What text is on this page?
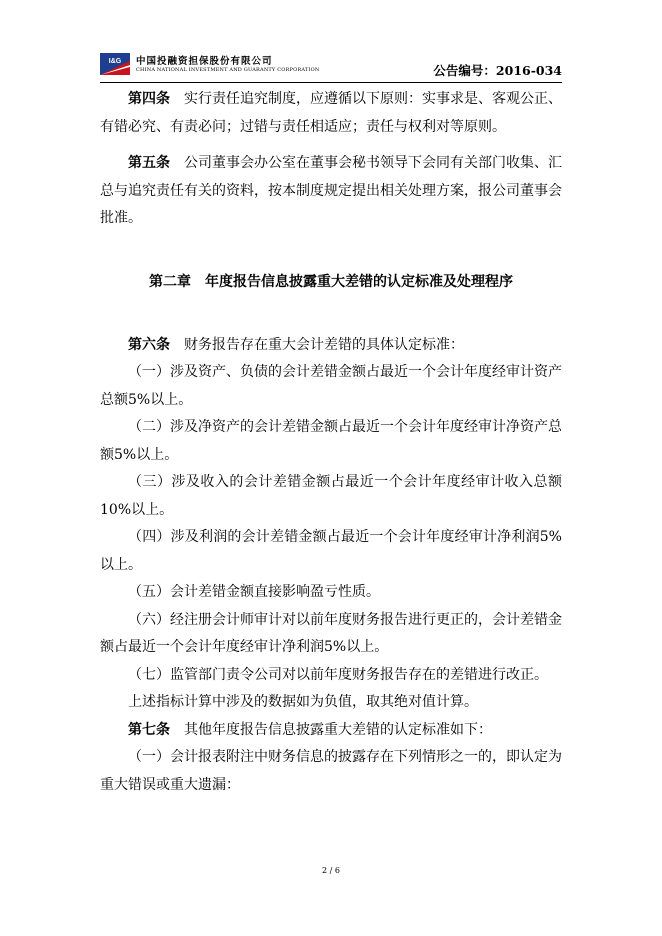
I&G 中国投融资担保股份有限公司
CHINA NATIONAL INVESTMENT AND GUARANTY CORPORATION	公告编号：2016-034

第四条　 实行责任追究制度，应遵循以下原则：实事求是、客观公正、有错必究、有责必问；过错与责任相适应；责任与权利对等原则。

第五条　 公司董事会办公室在董事会秘书领导下会同有关部门收集、汇总与追究责任有关的资料，按本制度规定提出相关处理方案，报公司董事会批准。

第二章　年度报告信息披露重大差错的认定标准及处理程序

第六条　 财务报告存在重大会计差错的具体认定标准：

（一）涉及资产、负债的会计差错金额占最近一个会计年度经审计资产总额5%以上。

（二）涉及净资产的会计差错金额占最近一个会计年度经审计净资产总额5%以上。

（三）涉及收入的会计差错金额占最近一个会计年度经审计收入总额10%以上。

（四）涉及利润的会计差错金额占最近一个会计年度经审计净利润5%以上。

（五）会计差错金额直接影响盈亏性质。

（六）经注册会计师审计对以前年度财务报告进行更正的，会计差错金额占最近一个会计年度经审计净利润5%以上。

（七）监管部门责令公司对以前年度财务报告存在的差错进行改正。

上述指标计算中涉及的数据如为负值，取其绝对值计算。

第七条　 其他年度报告信息披露重大差错的认定标准如下：

（一）会计报表附注中财务信息的披露存在下列情形之一的，即认定为重大错误或重大遗漏：

2 / 6
